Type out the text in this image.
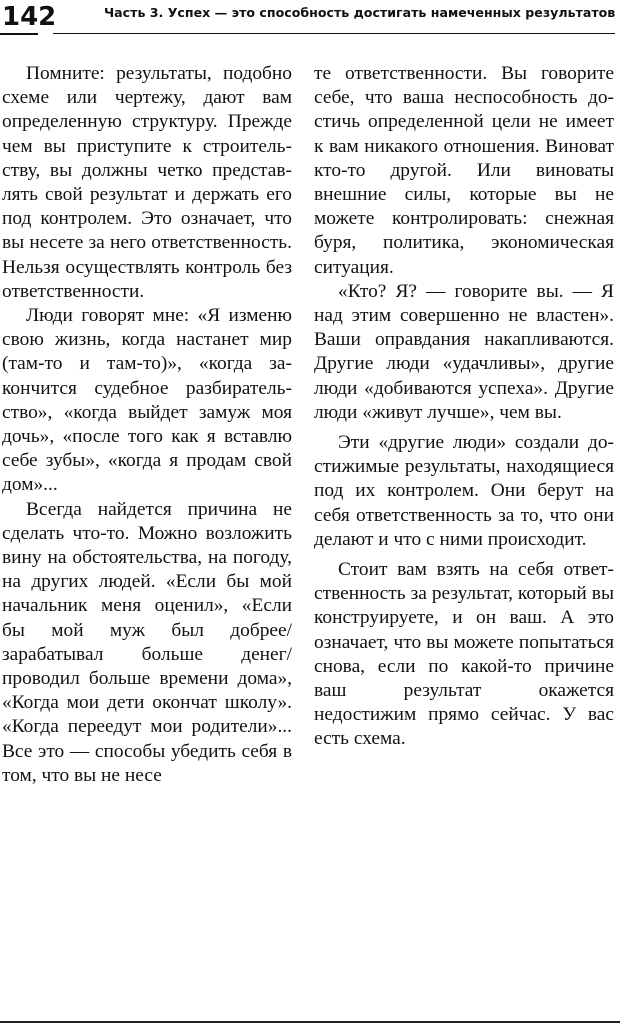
142	Часть 3. Успех — это способность достигать намеченных результатов

Помните: результаты, подобно схеме или чертежу, дают вам определенную структуру. Прежде чем вы приступите к строительству, вы должны четко представлять свой результат и держать его под контролем. Это означает, что вы несете за него ответственность. Нельзя осуществлять контроль без ответственности.

Люди говорят мне: «Я изменю свою жизнь, когда настанет мир (там-то и там-то)», «когда закончится судебное разбирательство», «когда выйдет замуж моя дочь», «после того как я вставлю себе зубы», «когда я продам свой дом»...

Всегда найдется причина не сделать что-то. Можно возложить вину на обстоятельства, на погоду, на других людей. «Если бы мой начальник меня оценил», «Если бы мой муж был добрее/зарабатывал больше денег/ проводил больше времени дома», «Когда мои дети окончат школу». «Когда переедут мои родители»... Все это — способы убедить себя в том, что вы не несе

те ответственности. Вы говорите себе, что ваша неспособность достичь определенной цели не имеет к вам никакого отношения. Виноват кто-то другой. Или виноваты внешние силы, которые вы не можете контролировать: снежная буря, политика, экономическая ситуация.

«Кто? Я? — говорите вы. — Я над этим совершенно не властен». Ваши оправдания накапливаются. Другие люди «удачливы», другие люди «добиваются успеха». Другие люди «живут лучше», чем вы.

Эти «другие люди» создали достижимые результаты, находящиеся под их контролем. Они берут на себя ответственность за то, что они делают и что с ними происходит.

Стоит вам взять на себя ответственность за результат, который вы конструируете, и он ваш. А это означает, что вы можете попытаться снова, если по какой-то причине ваш результат окажется недостижим прямо сейчас. У вас есть схема.
